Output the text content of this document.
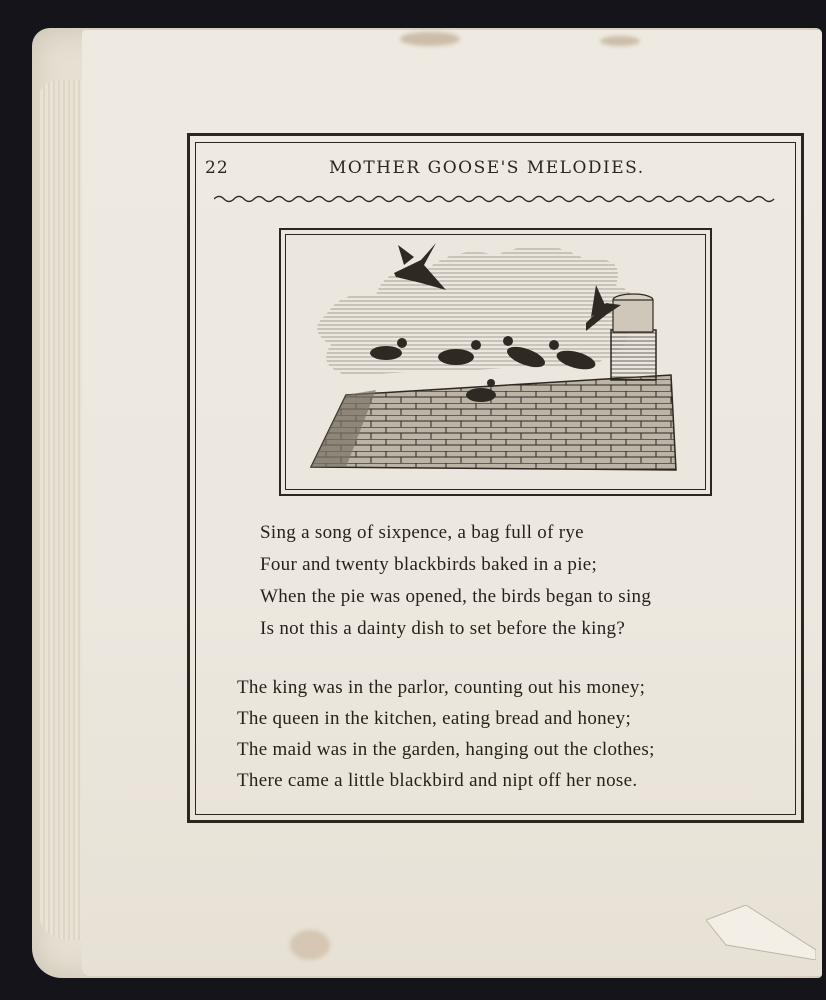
22	MOTHER GOOSE'S MELODIES.
Sing a song of sixpence, a bag full of rye
Four and twenty blackbirds baked in a pie;
When the pie was opened, the birds began to sing
Is not this a dainty dish to set before the king?
The king was in the parlor, counting out his money;
The queen in the kitchen, eating bread and honey;
The maid was in the garden, hanging out the clothes;
There came a little blackbird and nipt off her nose.
